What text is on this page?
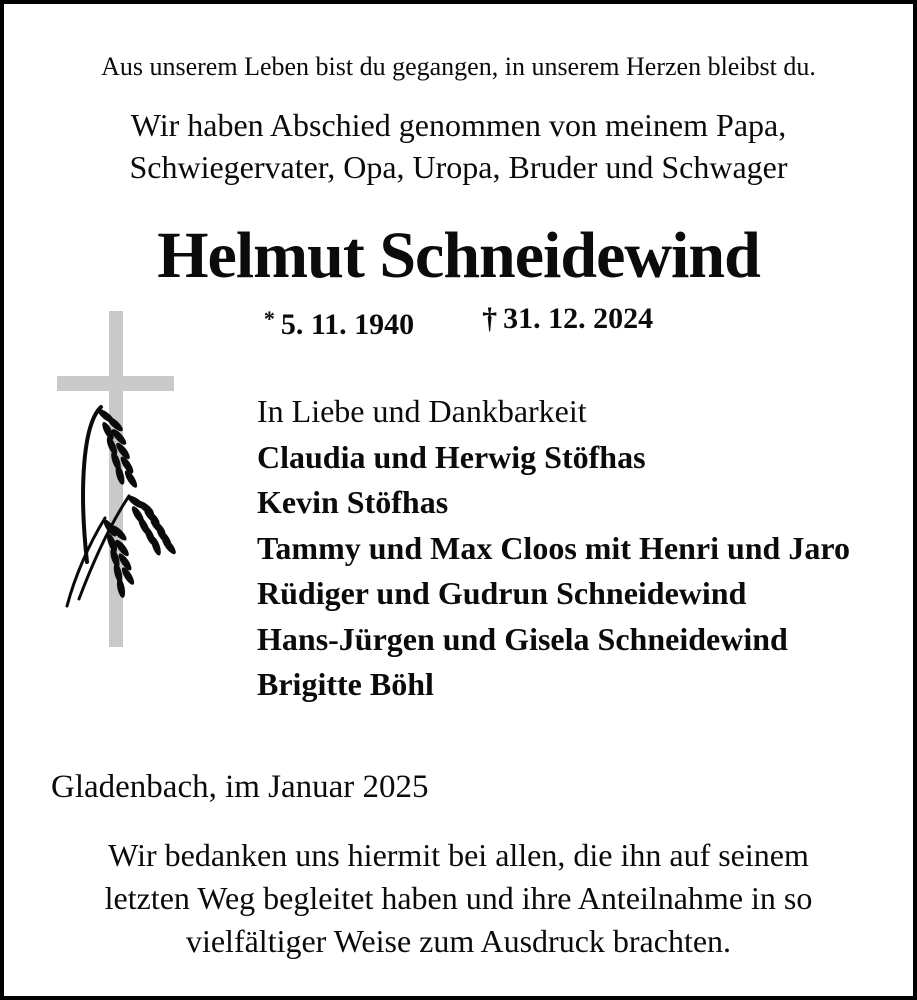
Aus unserem Leben bist du gegangen, in unserem Herzen bleibst du.
Wir haben Abschied genommen von meinem Papa,
Schwiegervater, Opa, Uropa, Bruder und Schwager
Helmut Schneidewind
* 5. 11. 1940 † 31. 12. 2024
In Liebe und Dankbarkeit
Claudia und Herwig Stöfhas
Kevin Stöfhas
Tammy und Max Cloos mit Henri und Jaro
Rüdiger und Gudrun Schneidewind
Hans-Jürgen und Gisela Schneidewind
Brigitte Böhl
Gladenbach, im Januar 2025
Wir bedanken uns hiermit bei allen, die ihn auf seinem
letzten Weg begleitet haben und ihre Anteilnahme in so
vielfältiger Weise zum Ausdruck brachten.
